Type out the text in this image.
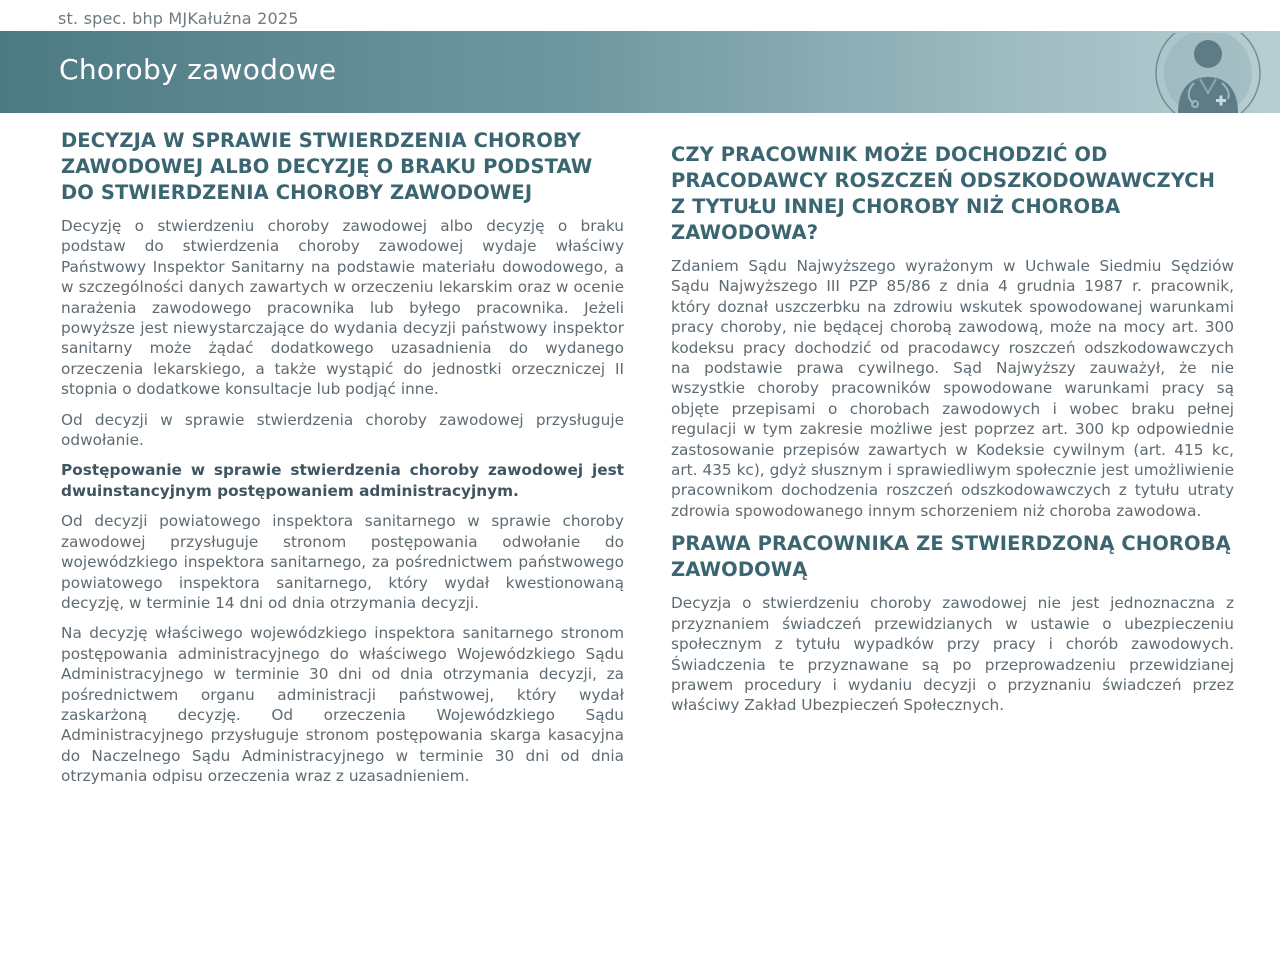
st. spec. bhp MJKałużna 2025
Choroby zawodowe
DECYZJA W SPRAWIE STWIERDZENIA CHOROBY ZAWODOWEJ ALBO DECYZJĘ O BRAKU PODSTAW DO STWIERDZENIA CHOROBY ZAWODOWEJ

Decyzję o stwierdzeniu choroby zawodowej albo decyzję o braku podstaw do stwierdzenia choroby zawodowej wydaje właściwy Państwowy Inspektor Sanitarny na podstawie materiału dowodowego, a w szczególności danych zawartych w orzeczeniu lekarskim oraz w ocenie narażenia zawodowego pracownika lub byłego pracownika. Jeżeli powyższe jest niewystarczające do wydania decyzji państwowy inspektor sanitarny może żądać dodatkowego uzasadnienia do wydanego orzeczenia lekarskiego, a także wystąpić do jednostki orzeczniczej II stopnia o dodatkowe konsultacje lub podjąć inne.

Od decyzji w sprawie stwierdzenia choroby zawodowej przysługuje odwołanie.

Postępowanie w sprawie stwierdzenia choroby zawodowej jest dwuinstancyjnym postępowaniem administracyjnym.

Od decyzji powiatowego inspektora sanitarnego w sprawie choroby zawodowej przysługuje stronom postępowania odwołanie do wojewódzkiego inspektora sanitarnego, za pośrednictwem państwowego powiatowego inspektora sanitarnego, który wydał kwestionowaną decyzję, w terminie 14 dni od dnia otrzymania decyzji.

Na decyzję właściwego wojewódzkiego inspektora sanitarnego stronom postępowania administracyjnego do właściwego Wojewódzkiego Sądu Administracyjnego w terminie 30 dni od dnia otrzymania decyzji, za pośrednictwem organu administracji państwowej, który wydał zaskarżoną decyzję. Od orzeczenia Wojewódzkiego Sądu Administracyjnego przysługuje stronom postępowania skarga kasacyjna do Naczelnego Sądu Administracyjnego w terminie 30 dni od dnia otrzymania odpisu orzeczenia wraz z uzasadnieniem.

CZY PRACOWNIK MOŻE DOCHODZIĆ OD PRACODAWCY ROSZCZEŃ ODSZKODOWAWCZYCH Z TYTUŁU INNEJ CHOROBY NIŻ CHOROBA ZAWODOWA?

Zdaniem Sądu Najwyższego wyrażonym w Uchwale Siedmiu Sędziów Sądu Najwyższego III PZP 85/86 z dnia 4 grudnia 1987 r. pracownik, który doznał uszczerbku na zdrowiu wskutek spowodowanej warunkami pracy choroby, nie będącej chorobą zawodową, może na mocy art. 300 kodeksu pracy dochodzić od pracodawcy roszczeń odszkodowawczych na podstawie prawa cywilnego. Sąd Najwyższy zauważył, że nie wszystkie choroby pracowników spowodowane warunkami pracy są objęte przepisami o chorobach zawodowych i wobec braku pełnej regulacji w tym zakresie możliwe jest poprzez art. 300 kp odpowiednie zastosowanie przepisów zawartych w Kodeksie cywilnym (art. 415 kc, art. 435 kc), gdyż słusznym i sprawiedliwym społecznie jest umożliwienie pracownikom dochodzenia roszczeń odszkodowawczych z tytułu utraty zdrowia spowodowanego innym schorzeniem niż choroba zawodowa.

PRAWA PRACOWNIKA ZE STWIERDZONĄ CHOROBĄ ZAWODOWĄ

Decyzja o stwierdzeniu choroby zawodowej nie jest jednoznaczna z przyznaniem świadczeń przewidzianych w ustawie o ubezpieczeniu społecznym z tytułu wypadków przy pracy i chorób zawodowych. Świadczenia te przyznawane są po przeprowadzeniu przewidzianej prawem procedury i wydaniu decyzji o przyznaniu świadczeń przez właściwy Zakład Ubezpieczeń Społecznych.
